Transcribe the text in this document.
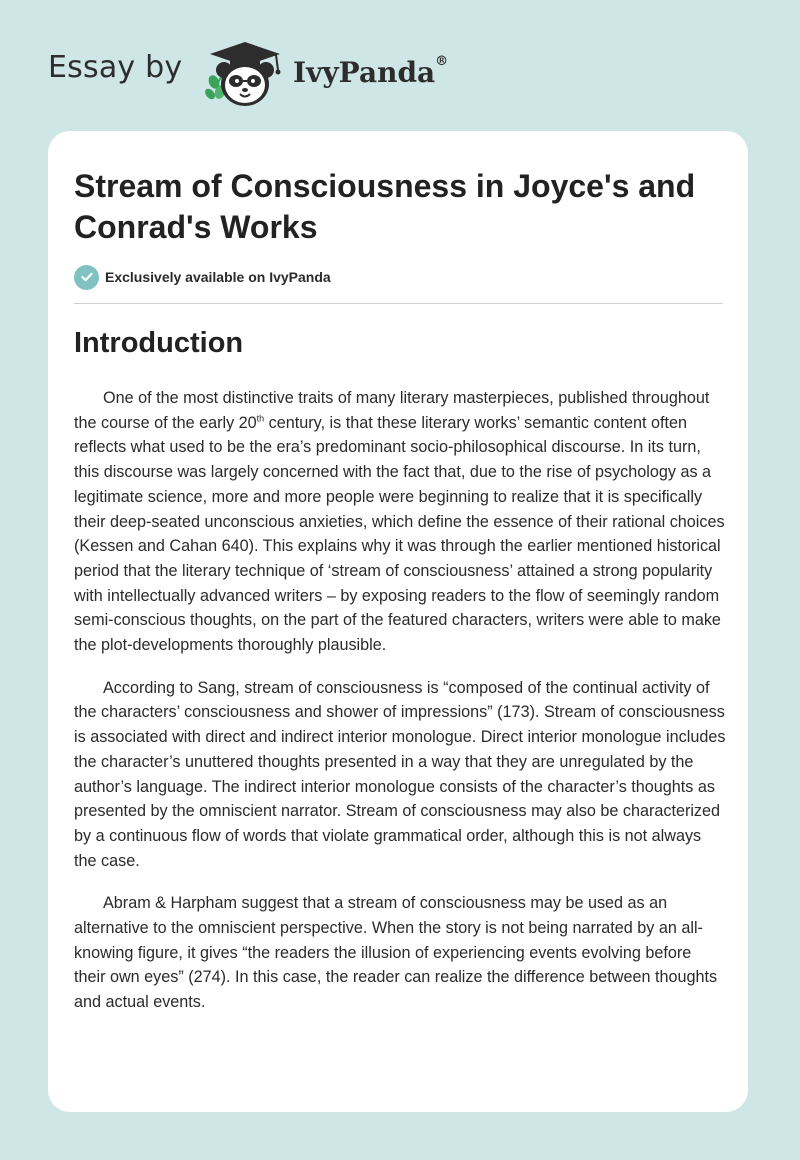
Essay by	IvyPanda®
Stream of Consciousness in Joyce's and Conrad's Works
Exclusively available on IvyPanda
Introduction

One of the most distinctive traits of many literary masterpieces, published throughout the course of the early 20th century, is that these literary works’ semantic content often reflects what used to be the era’s predominant socio-philosophical discourse. In its turn, this discourse was largely concerned with the fact that, due to the rise of psychology as a legitimate science, more and more people were beginning to realize that it is specifically their deep-seated unconscious anxieties, which define the essence of their rational choices (Kessen and Cahan 640). This explains why it was through the earlier mentioned historical period that the literary technique of ‘stream of consciousness’ attained a strong popularity with intellectually advanced writers – by exposing readers to the flow of seemingly random semi-conscious thoughts, on the part of the featured characters, writers were able to make the plot-developments thoroughly plausible.

According to Sang, stream of consciousness is “composed of the continual activity of the characters’ consciousness and shower of impressions” (173). Stream of consciousness is associated with direct and indirect interior monologue. Direct interior monologue includes the character’s unuttered thoughts presented in a way that they are unregulated by the author’s language. The indirect interior monologue consists of the character’s thoughts as presented by the omniscient narrator. Stream of consciousness may also be characterized by a continuous flow of words that violate grammatical order, although this is not always the case.

Abram & Harpham suggest that a stream of consciousness may be used as an alternative to the omniscient perspective. When the story is not being narrated by an all-knowing figure, it gives “the readers the illusion of experiencing events evolving before their own eyes” (274). In this case, the reader can realize the difference between thoughts and actual events.
